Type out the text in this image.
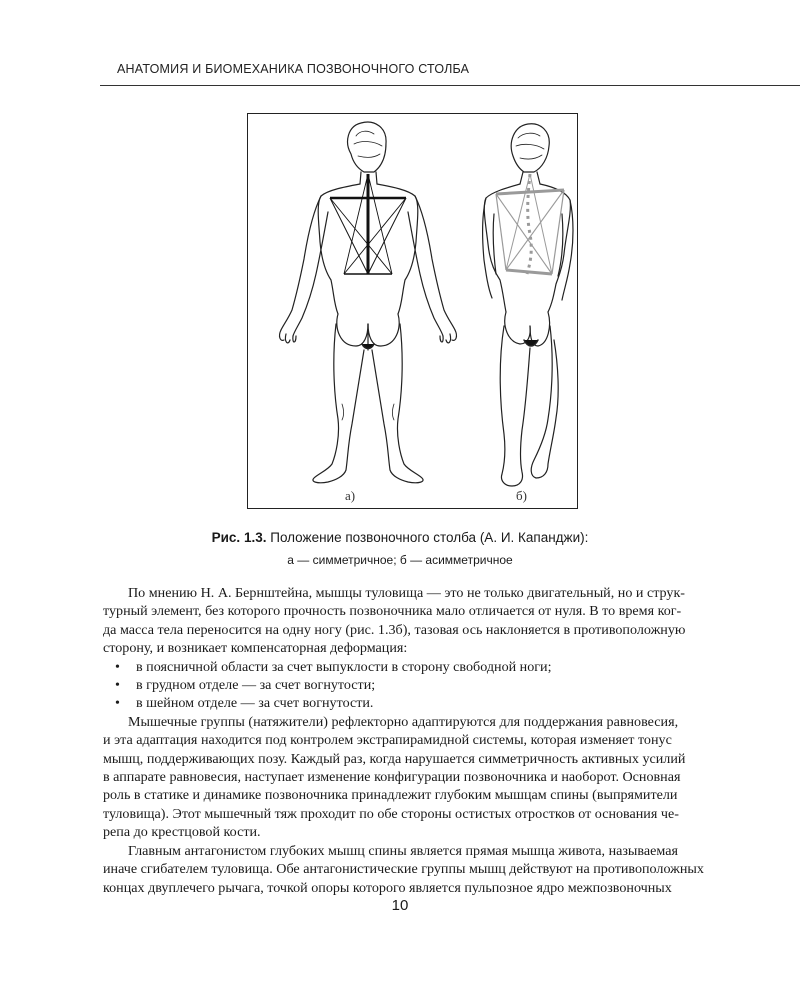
АНАТОМИЯ И БИОМЕХАНИКА ПОЗВОНОЧНОГО СТОЛБА
а)	б)
Рис. 1.3. Положение позвоночного столба (А. И. Капанджи):
а — симметричное; б — асимметричное

По мнению Н. А. Бернштейна, мышцы туловища — это не только двигательный, но и струк-
турный элемент, без которого прочность позвоночника мало отличается от нуля. В то время ког-
да масса тела переносится на одну ногу (рис. 1.3б), тазовая ось наклоняется в противоположную
сторону, и возникает компенсаторная деформация:

• в поясничной области за счет выпуклости в сторону свободной ноги;
• в грудном отделе — за счет вогнутости;
• в шейном отделе — за счет вогнутости.

Мышечные группы (натяжители) рефлекторно адаптируются для поддержания равновесия,
и эта адаптация находится под контролем экстрапирамидной системы, которая изменяет тонус
мышц, поддерживающих позу. Каждый раз, когда нарушается симметричность активных усилий
в аппарате равновесия, наступает изменение конфигурации позвоночника и наоборот. Основная
роль в статике и динамике позвоночника принадлежит глубоким мышцам спины (выпрямители
туловища). Этот мышечный тяж проходит по обе стороны остистых отростков от основания че-
репа до крестцовой кости.

Главным антагонистом глубоких мышц спины является прямая мышца живота, называемая
иначе сгибателем туловища. Обе антагонистические группы мышц действуют на противоположных
концах двуплечего рычага, точкой опоры которого является пульпозное ядро межпозвоночных

10
